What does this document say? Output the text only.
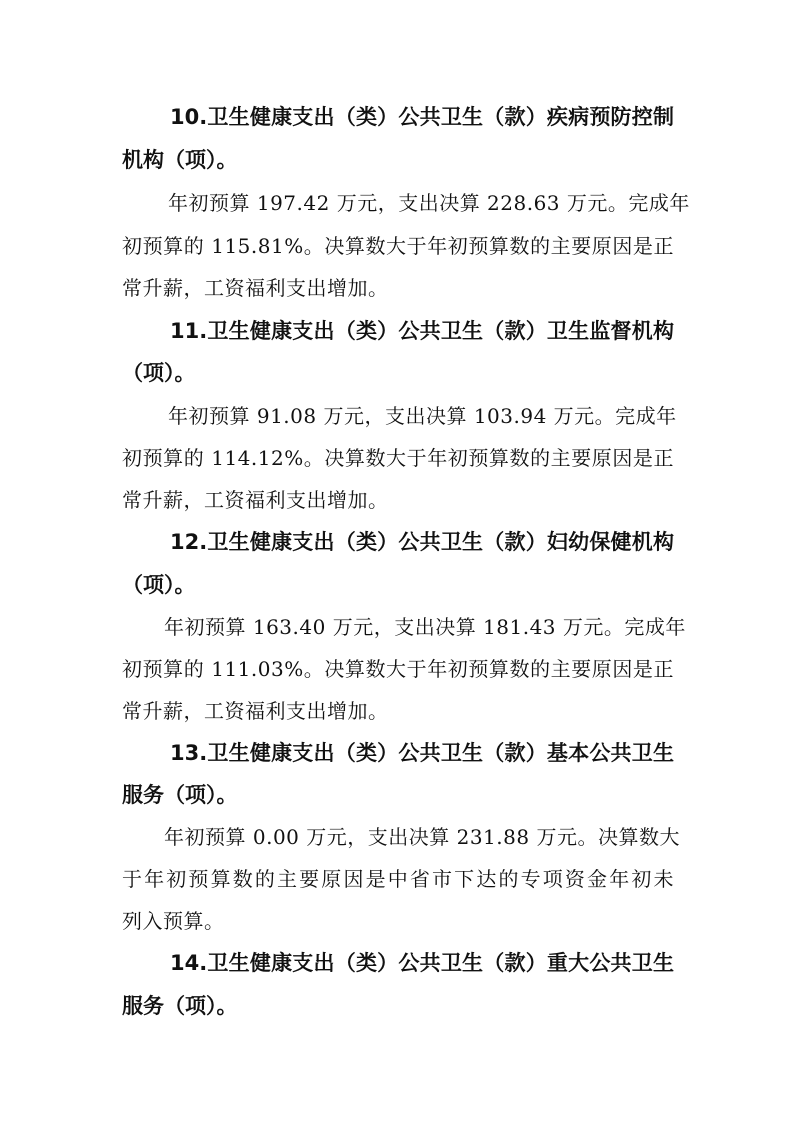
10.卫生健康支出（类）公共卫生（款）疾病预防控制
机构（项）。
年初预算 197.42 万元，支出决算 228.63 万元。完成年
初预算的 115.81%。决算数大于年初预算数的主要原因是正
常升薪，工资福利支出增加。
11.卫生健康支出（类）公共卫生（款）卫生监督机构
（项）。
年初预算 91.08 万元，支出决算 103.94 万元。完成年
初预算的 114.12%。决算数大于年初预算数的主要原因是正
常升薪，工资福利支出增加。
12.卫生健康支出（类）公共卫生（款）妇幼保健机构
（项）。
年初预算 163.40 万元，支出决算 181.43 万元。完成年
初预算的 111.03%。决算数大于年初预算数的主要原因是正
常升薪，工资福利支出增加。
13.卫生健康支出（类）公共卫生（款）基本公共卫生
服务（项）。
年初预算 0.00 万元，支出决算 231.88 万元。决算数大
于年初预算数的主要原因是中省市下达的专项资金年初未
列入预算。
14.卫生健康支出（类）公共卫生（款）重大公共卫生
服务（项）。
